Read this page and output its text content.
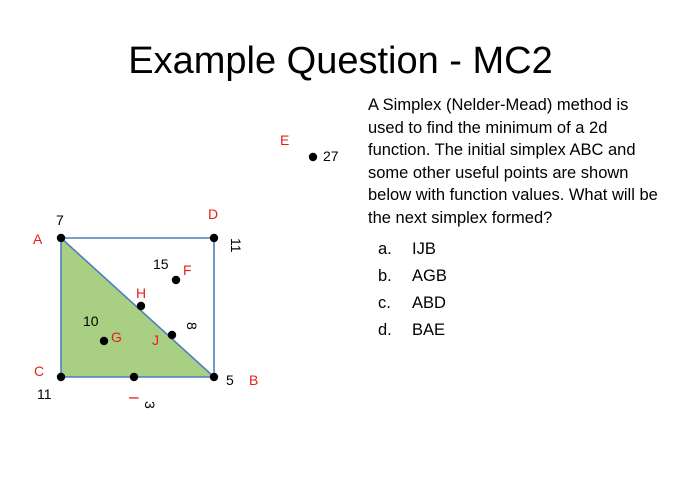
Example Question - MC2
A Simplex (Nelder-Mead) method is used to find the minimum of a 2d function. The initial simplex ABC and some other useful points are shown below with function values. What will be the next simplex formed?
a. IJB
b. AGB
c. ABD
d. BAE
A
B
C
D
E
F
G
H
I
J
7
5
11
11
27
15
10
3
8
